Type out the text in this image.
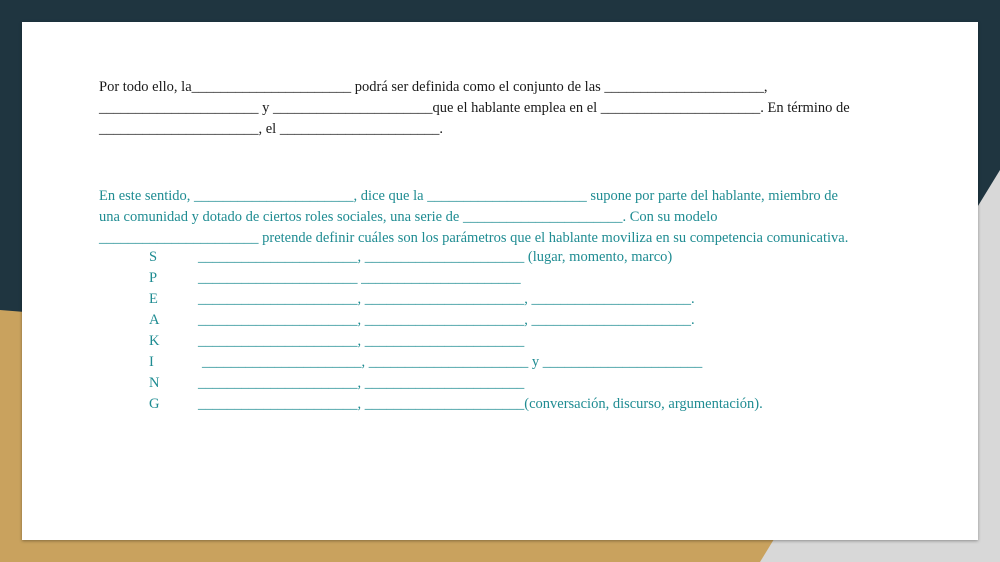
Por todo ello, la______________________ podrá ser definida como el conjunto de las ______________________,
______________________ y ______________________que el hablante emplea en el ______________________. En término de
______________________, el ______________________.
En este sentido, ______________________, dice que la ______________________ supone por parte del hablante, miembro de
una comunidad y dotado de ciertos roles sociales, una serie de ______________________. Con su modelo
______________________ pretende definir cuáles son los parámetros que el hablante moviliza en su competencia comunicativa.
S	______________________, ______________________ (lugar, momento, marco)
P	______________________ ______________________
E	______________________, ______________________, ______________________.
A	______________________, ______________________, ______________________.
K	______________________, ______________________
I	______________________, ______________________ y ______________________
N	______________________, ______________________
G	______________________, ______________________(conversación, discurso, argumentación).
